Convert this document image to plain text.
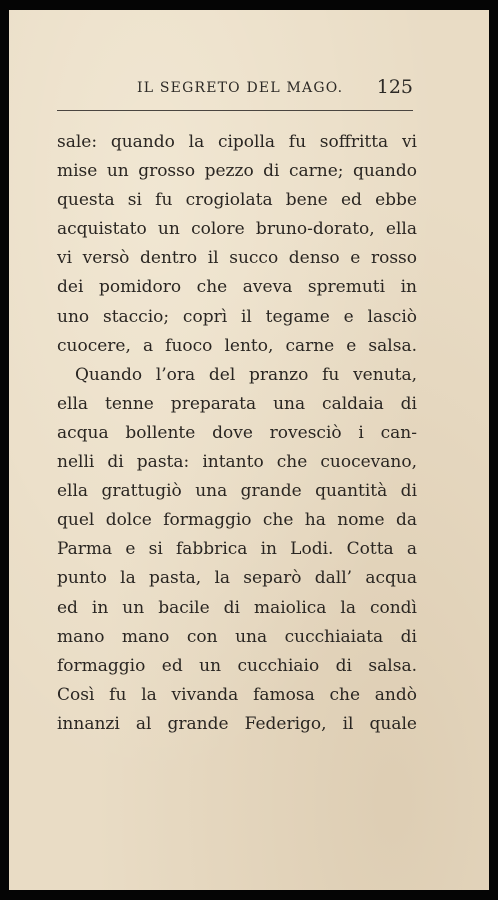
IL SEGRETO DEL MAGO. 125
sale: quando la cipolla fu soffritta vi
mise un grosso pezzo di carne; quando
questa si fu crogiolata bene ed ebbe
acquistato un colore bruno-dorato, ella
vi versò dentro il succo denso e rosso
dei pomidoro che aveva spremuti in
uno staccio; coprì il tegame e lasciò
cuocere, a fuoco lento, carne e salsa.
Quando l’ora del pranzo fu venuta,
ella tenne preparata una caldaia di
acqua bollente dove rovesciò i can-
nelli di pasta: intanto che cuocevano,
ella grattugiò una grande quantità di
quel dolce formaggio che ha nome da
Parma e si fabbrica in Lodi. Cotta a
punto la pasta, la separò dall’ acqua
ed in un bacile di maiolica la condì
mano mano con una cucchiaiata di
formaggio ed un cucchiaio di salsa.
Così fu la vivanda famosa che andò
innanzi al grande Federigo, il quale
